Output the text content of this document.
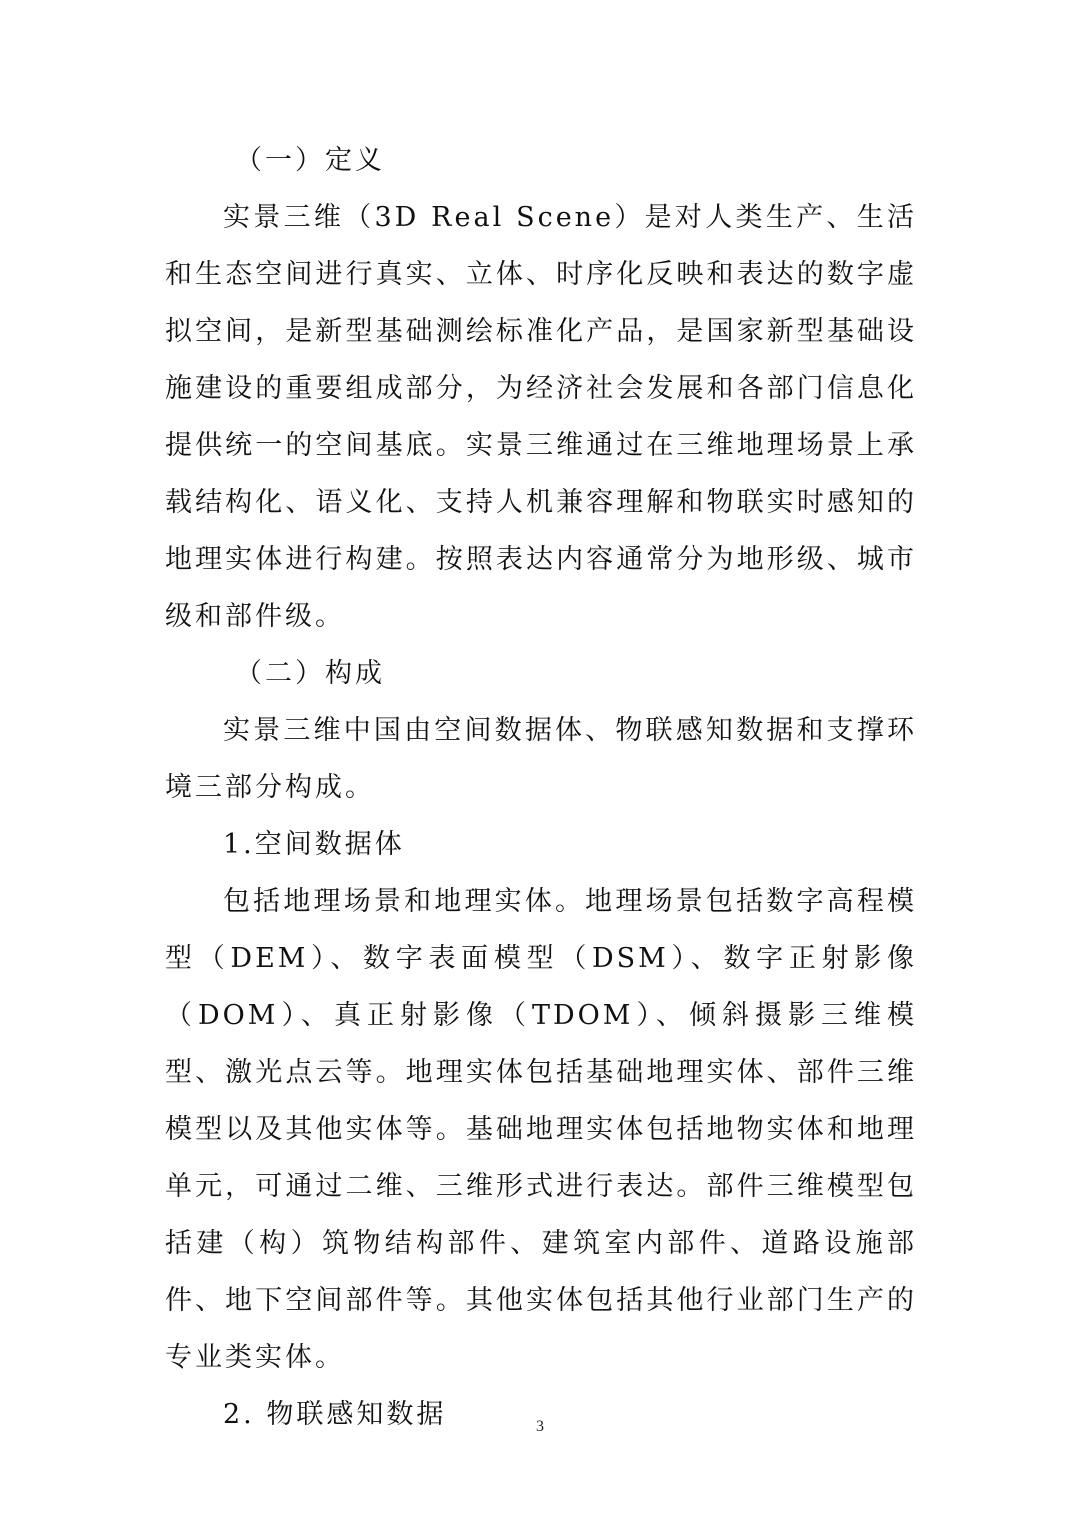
（一）定义

实景三维（3D Real Scene）是对人类生产、生活和生态空间进行真实、立体、时序化反映和表达的数字虚拟空间，是新型基础测绘标准化产品，是国家新型基础设施建设的重要组成部分，为经济社会发展和各部门信息化提供统一的空间基底。实景三维通过在三维地理场景上承载结构化、语义化、支持人机兼容理解和物联实时感知的地理实体进行构建。按照表达内容通常分为地形级、城市级和部件级。

（二）构成

实景三维中国由空间数据体、物联感知数据和支撑环境三部分构成。

1.空间数据体

包括地理场景和地理实体。地理场景包括数字高程模型（DEM）、数字表面模型（DSM）、数字正射影像（DOM）、真正射影像（TDOM）、倾斜摄影三维模型、激光点云等。地理实体包括基础地理实体、部件三维模型以及其他实体等。基础地理实体包括地物实体和地理单元，可通过二维、三维形式进行表达。部件三维模型包括建（构）筑物结构部件、建筑室内部件、道路设施部件、地下空间部件等。其他实体包括其他行业部门生产的专业类实体。

2. 物联感知数据	3
